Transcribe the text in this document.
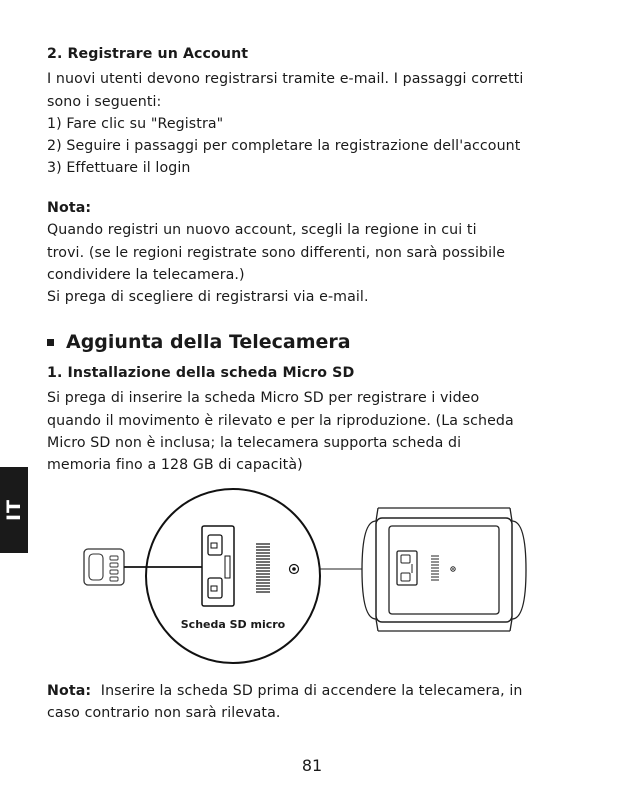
2. Registrare un Account

I nuovi utenti devono registrarsi tramite e-mail. I passaggi corretti

sono i seguenti:

1) Fare clic su "Registra"

2) Seguire i passaggi per completare la registrazione dell'account

3) Effettuare il login

Nota:

Quando registri un nuovo account, scegli la regione in cui ti

trovi. (se le regioni registrate sono differenti, non sarà possibile

condividere la telecamera.)

Si prega di scegliere di registrarsi via e-mail.

Aggiunta della Telecamera

1. Installazione della scheda Micro SD

Si prega di inserire la scheda Micro SD per registrare i video

quando il movimento è rilevato e per la riproduzione. (La scheda

Micro SD non è inclusa; la telecamera supporta scheda di

memoria fino a 128 GB di capacità)

IT
Scheda SD micro

Nota: Inserire la scheda SD prima di accendere la telecamera, in

caso contrario non sarà rilevata.

81
